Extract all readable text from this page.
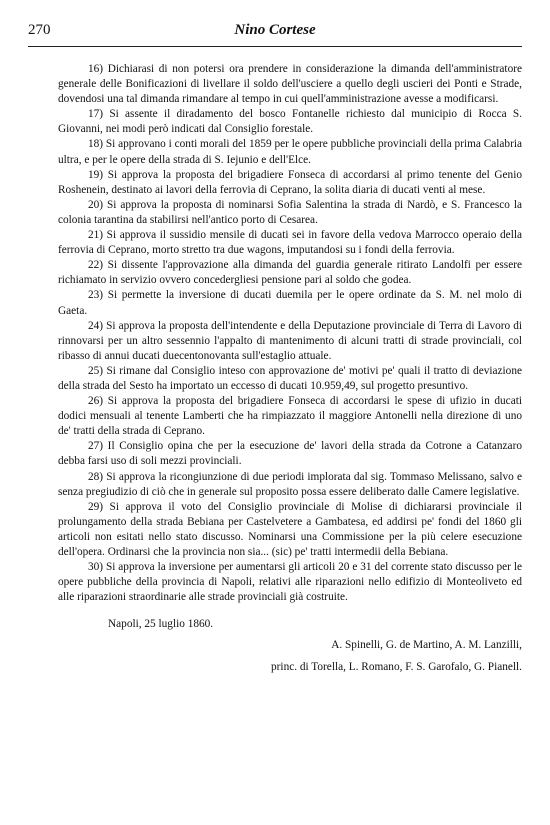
270	Nino Cortese

16) Dichiarasi di non potersi ora prendere in considerazione la dimanda dell'amministratore generale delle Bonificazioni di livellare il soldo dell'usciere a quello degli uscieri dei Ponti e Strade, dovendosi una tal dimanda rimandare al tempo in cui quell'amministrazione avesse a modificarsi.

17) Si assente il diradamento del bosco Fontanelle richiesto dal municipio di Rocca S. Giovanni, nei modi però indicati dal Consiglio forestale.

18) Si approvano i conti morali del 1859 per le opere pubbliche provinciali della prima Calabria ultra, e per le opere della strada di S. Iejunio e dell'Elce.

19) Si approva la proposta del brigadiere Fonseca di accordarsi al primo tenente del Genio Roshenein, destinato ai lavori della ferrovia di Ceprano, la solita diaria di ducati venti al mese.

20) Si approva la proposta di nominarsi Sofia Salentina la strada di Nardò, e S. Francesco la colonia tarantina da stabilirsi nell'antico porto di Cesarea.

21) Si approva il sussidio mensile di ducati sei in favore della vedova Marrocco operaio della ferrovia di Ceprano, morto stretto tra due wagons, imputandosi su i fondi della ferrovia.

22) Si dissente l'approvazione alla dimanda del guardia generale ritirato Landolfi per essere richiamato in servizio ovvero concedergliesi pensione pari al soldo che godea.

23) Si permette la inversione di ducati duemila per le opere ordinate da S. M. nel molo di Gaeta.

24) Si approva la proposta dell'intendente e della Deputazione provinciale di Terra di Lavoro di rinnovarsi per un altro sessennio l'appalto di mantenimento di alcuni tratti di strade provinciali, col ribasso di annui ducati duecentonovanta sull'estaglio attuale.

25) Si rimane dal Consiglio inteso con approvazione de' motivi pe' quali il tratto di deviazione della strada del Sesto ha importato un eccesso di ducati 10.959,49, sul progetto presuntivo.

26) Si approva la proposta del brigadiere Fonseca di accordarsi le spese di ufizio in ducati dodici mensuali al tenente Lamberti che ha rimpiazzato il maggiore Antonelli nella direzione di uno de' tratti della strada di Ceprano.

27) Il Consiglio opina che per la esecuzione de' lavori della strada da Cotrone a Catanzaro debba farsi uso di soli mezzi provinciali.

28) Si approva la ricongiunzione di due periodi implorata dal sig. Tommaso Melissano, salvo e senza pregiudizio di ciò che in generale sul proposito possa essere deliberato dalle Camere legislative.

29) Si approva il voto del Consiglio provinciale di Molise di dichiararsi provinciale il prolungamento della strada Bebiana per Castelvetere a Gambatesa, ed addirsi pe' fondi del 1860 gli articoli non esitati nello stato discusso. Nominarsi una Commissione per la più celere esecuzione dell'opera. Ordinarsi che la provincia non sia... (sic) pe' tratti intermedii della Bebiana.

30) Si approva la inversione per aumentarsi gli articoli 20 e 31 del corrente stato discusso per le opere pubbliche della provincia di Napoli, relativi alle riparazioni nello edifizio di Monteoliveto ed alle riparazioni straordinarie alle strade provinciali già costruite.

Napoli, 25 luglio 1860.

A. Spinelli, G. de Martino, A. M. Lanzilli,
princ. di Torella, L. Romano, F. S. Garofalo, G. Pianell.
